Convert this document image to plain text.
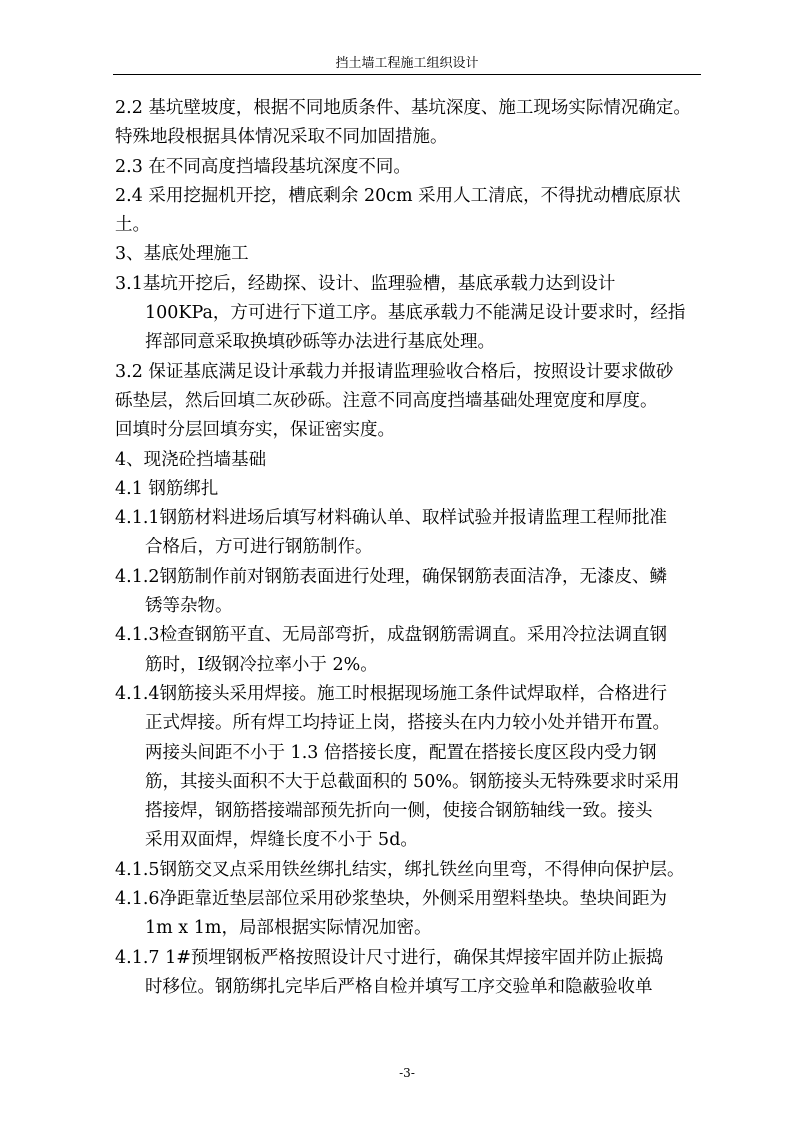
挡土墙工程施工组织设计
2.2 基坑壁坡度，根据不同地质条件、基坑深度、施工现场实际情况确定。
特殊地段根据具体情况采取不同加固措施。
2.3 在不同高度挡墙段基坑深度不同。
2.4 采用挖掘机开挖，槽底剩余 20cm 采用人工清底，不得扰动槽底原状
土。
3、基底处理施工
3.1基坑开挖后，经勘探、设计、监理验槽，基底承载力达到设计
100KPa，方可进行下道工序。基底承载力不能满足设计要求时，经指
挥部同意采取换填砂砾等办法进行基底处理。
3.2 保证基底满足设计承载力并报请监理验收合格后，按照设计要求做砂
砾垫层，然后回填二灰砂砾。注意不同高度挡墙基础处理宽度和厚度。
回填时分层回填夯实，保证密实度。
4、现浇砼挡墙基础
4.1 钢筋绑扎
4.1.1钢筋材料进场后填写材料确认单、取样试验并报请监理工程师批准
合格后，方可进行钢筋制作。
4.1.2钢筋制作前对钢筋表面进行处理，确保钢筋表面洁净，无漆皮、鳞
锈等杂物。
4.1.3检查钢筋平直、无局部弯折，成盘钢筋需调直。采用冷拉法调直钢
筋时，Ⅰ级钢冷拉率小于 2%。
4.1.4钢筋接头采用焊接。施工时根据现场施工条件试焊取样，合格进行
正式焊接。所有焊工均持证上岗，搭接头在内力较小处并错开布置。
两接头间距不小于 1.3 倍搭接长度，配置在搭接长度区段内受力钢
筋，其接头面积不大于总截面积的 50%。钢筋接头无特殊要求时采用
搭接焊，钢筋搭接端部预先折向一侧，使接合钢筋轴线一致。接头
采用双面焊，焊缝长度不小于 5d。
4.1.5钢筋交叉点采用铁丝绑扎结实，绑扎铁丝向里弯，不得伸向保护层。
4.1.6净距靠近垫层部位采用砂浆垫块，外侧采用塑料垫块。垫块间距为
1m x 1m，局部根据实际情况加密。
4.1.7 1#预埋钢板严格按照设计尺寸进行，确保其焊接牢固并防止振捣
时移位。钢筋绑扎完毕后严格自检并填写工序交验单和隐蔽验收单
-3-
